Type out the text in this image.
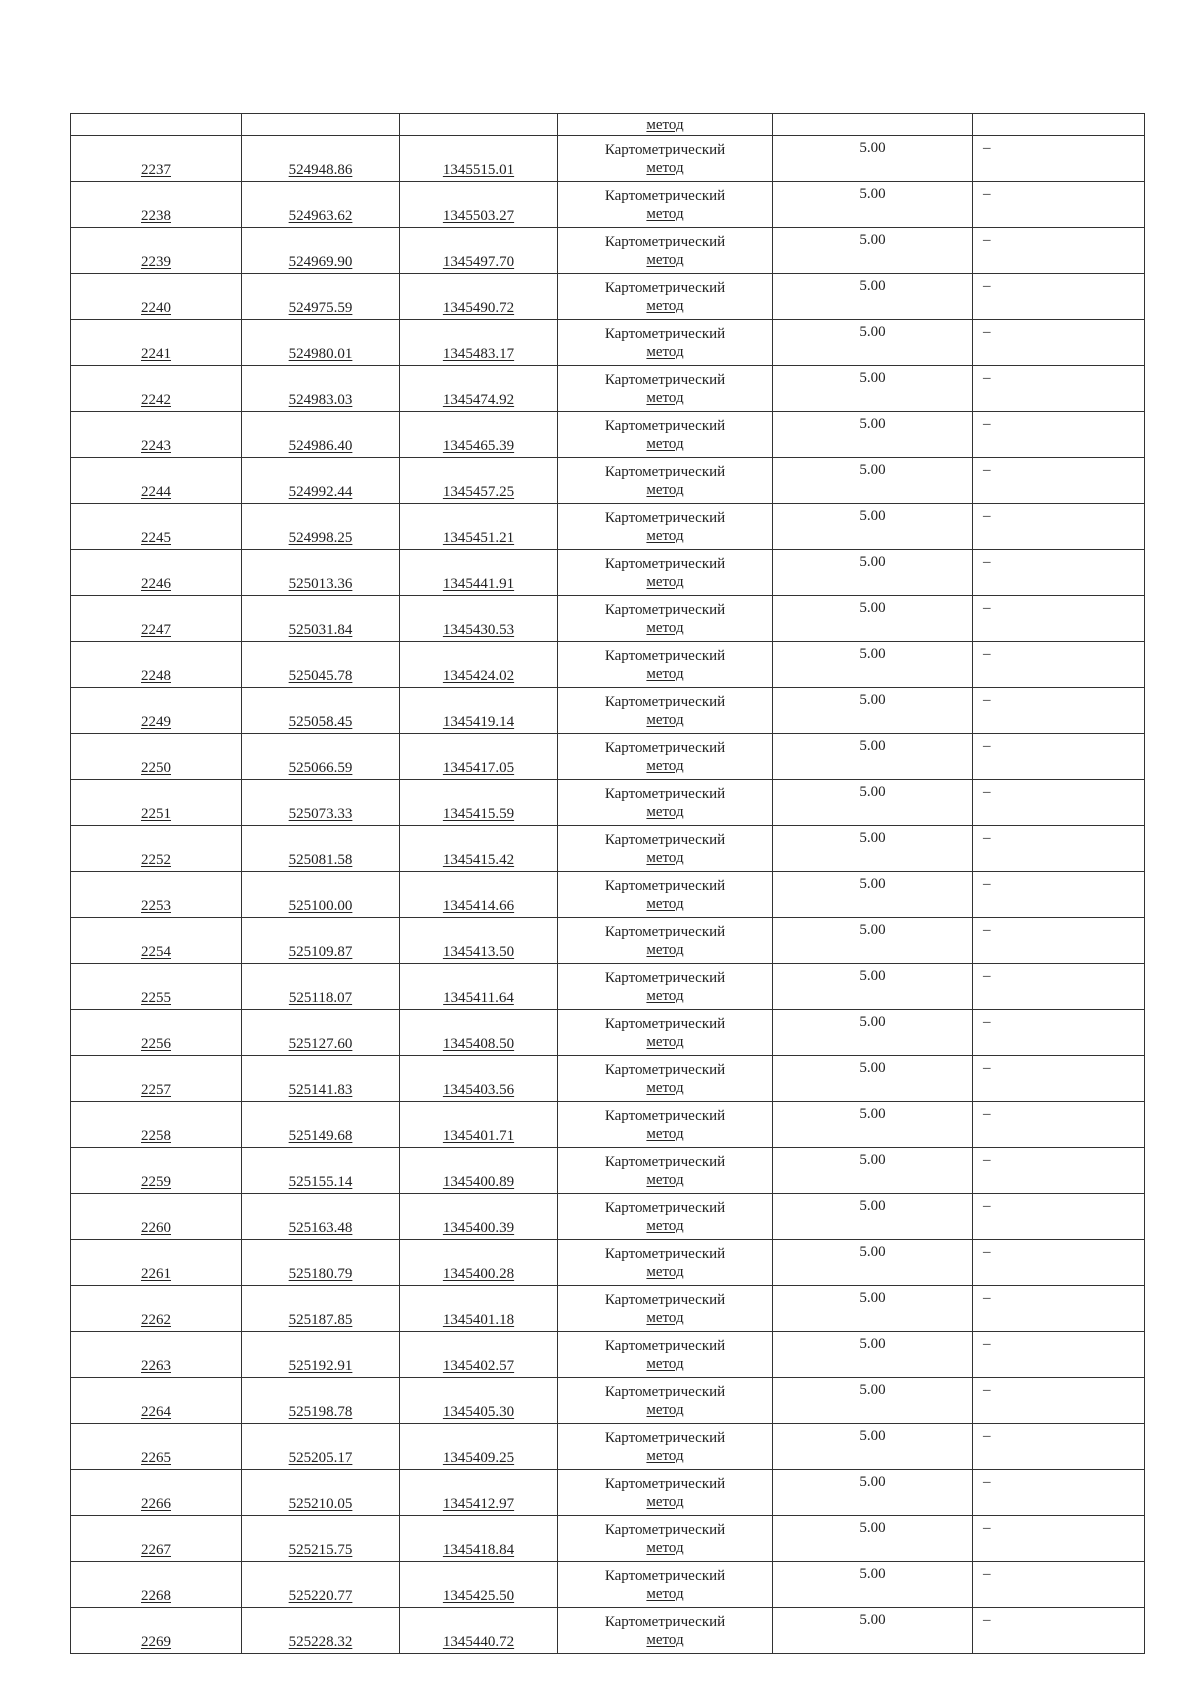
			метод		

2237	524948.86	1345515.01	Картометрический
метод	5.00	–
2238	524963.62	1345503.27	Картометрический
метод	5.00	–
2239	524969.90	1345497.70	Картометрический
метод	5.00	–
2240	524975.59	1345490.72	Картометрический
метод	5.00	–
2241	524980.01	1345483.17	Картометрический
метод	5.00	–
2242	524983.03	1345474.92	Картометрический
метод	5.00	–
2243	524986.40	1345465.39	Картометрический
метод	5.00	–
2244	524992.44	1345457.25	Картометрический
метод	5.00	–
2245	524998.25	1345451.21	Картометрический
метод	5.00	–
2246	525013.36	1345441.91	Картометрический
метод	5.00	–
2247	525031.84	1345430.53	Картометрический
метод	5.00	–
2248	525045.78	1345424.02	Картометрический
метод	5.00	–
2249	525058.45	1345419.14	Картометрический
метод	5.00	–
2250	525066.59	1345417.05	Картометрический
метод	5.00	–
2251	525073.33	1345415.59	Картометрический
метод	5.00	–
2252	525081.58	1345415.42	Картометрический
метод	5.00	–
2253	525100.00	1345414.66	Картометрический
метод	5.00	–
2254	525109.87	1345413.50	Картометрический
метод	5.00	–
2255	525118.07	1345411.64	Картометрический
метод	5.00	–
2256	525127.60	1345408.50	Картометрический
метод	5.00	–
2257	525141.83	1345403.56	Картометрический
метод	5.00	–
2258	525149.68	1345401.71	Картометрический
метод	5.00	–
2259	525155.14	1345400.89	Картометрический
метод	5.00	–
2260	525163.48	1345400.39	Картометрический
метод	5.00	–
2261	525180.79	1345400.28	Картометрический
метод	5.00	–
2262	525187.85	1345401.18	Картометрический
метод	5.00	–
2263	525192.91	1345402.57	Картометрический
метод	5.00	–
2264	525198.78	1345405.30	Картометрический
метод	5.00	–
2265	525205.17	1345409.25	Картометрический
метод	5.00	–
2266	525210.05	1345412.97	Картометрический
метод	5.00	–
2267	525215.75	1345418.84	Картометрический
метод	5.00	–
2268	525220.77	1345425.50	Картометрический
метод	5.00	–
2269	525228.32	1345440.72	Картометрический
метод	5.00	–
